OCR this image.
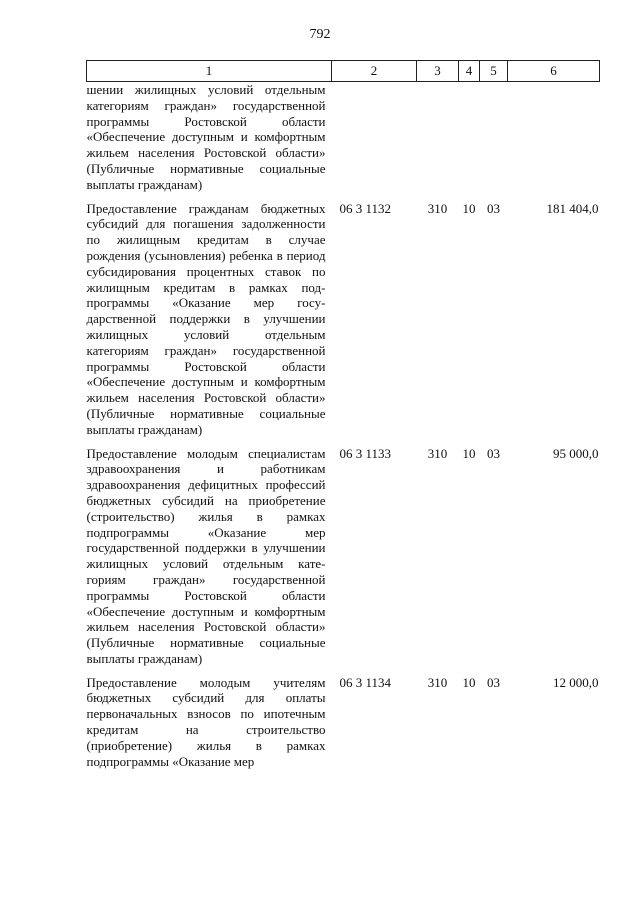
792
1	2	3	4	5	6
шении жилищных условий отдельным категориям граждан» государственной программы Ростовской области «Обеспечение доступным и комфортным жильем населения Ростовской области» (Публичные нормативные социальные выплаты гражданам)					
Предоставление гражданам бюджетных субсидий для погашения задолженности по жилищным кредитам в случае рождения (усыновления) ребенка в период субсидирования процентных ставок по жилищным кредитам в рамках подпрограммы «Оказание мер государственной поддержки в улучшении жилищных условий отдельным категориям граждан» государственной программы Ростовской области «Обеспечение доступным и комфортным жильем населения Ростовской области» (Публичные нормативные социальные выплаты гражданам)	06 3 1132	310	10	03	181 404,0
Предоставление молодым специалистам здравоохранения и работникам здравоохранения дефицитных профессий бюджетных субсидий на приобретение (строительство) жилья в рамках подпрограммы «Оказание мер государственной поддержки в улучшении жилищных условий отдельным категориям граждан» государственной программы Ростовской области «Обеспечение доступным и комфортным жильем населения Ростовской области» (Публичные нормативные социальные выплаты гражданам)	06 3 1133	310	10	03	95 000,0
Предоставление молодым учителям бюджетных субсидий для оплаты первоначальных взносов по ипотечным кредитам на строительство (приобретение) жилья в рамках подпрограммы «Оказание мер	06 3 1134	310	10	03	12 000,0
